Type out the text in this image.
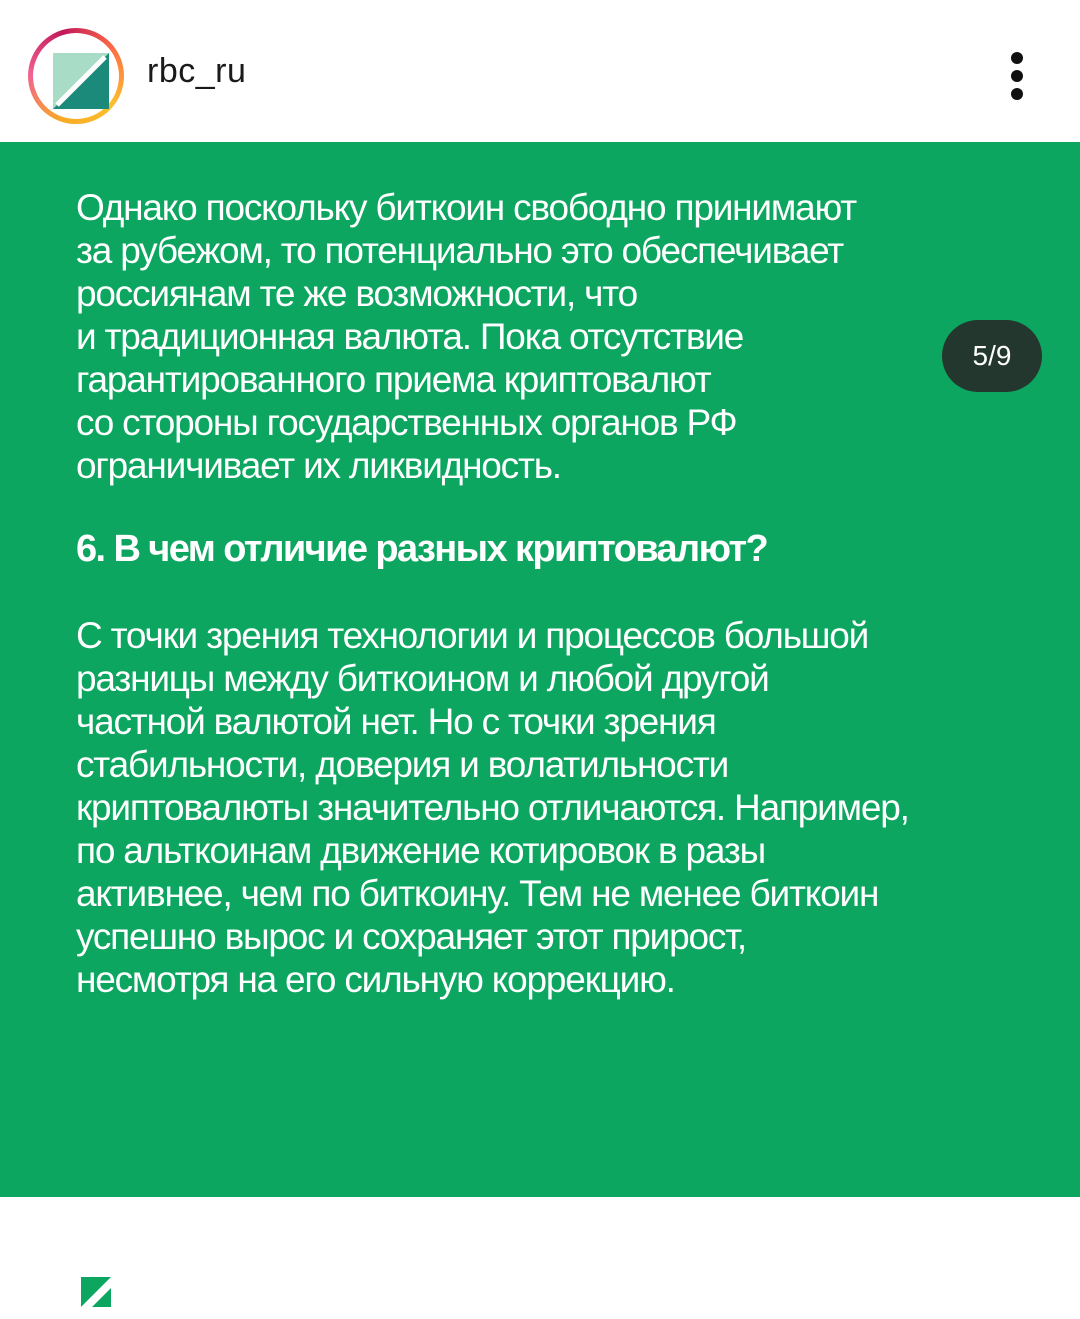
rbc_ru

Однако поскольку биткоин свободно принимают
за рубежом, то потенциально это обеспечивает
россиянам те же возможности, что
и традиционная валюта. Пока отсутствие
гарантированного приема криптовалют
со стороны государственных органов РФ
ограничивает их ликвидность.

6. В чем отличие разных криптовалют?

С точки зрения технологии и процессов большой
разницы между биткоином и любой другой
частной валютой нет. Но с точки зрения
стабильности, доверия и волатильности
криптовалюты значительно отличаются. Например,
по альткоинам движение котировок в разы
активнее, чем по биткоину. Тем не менее биткоин
успешно вырос и сохраняет этот прирост,
несмотря на его сильную коррекцию.

5/9
Pro
